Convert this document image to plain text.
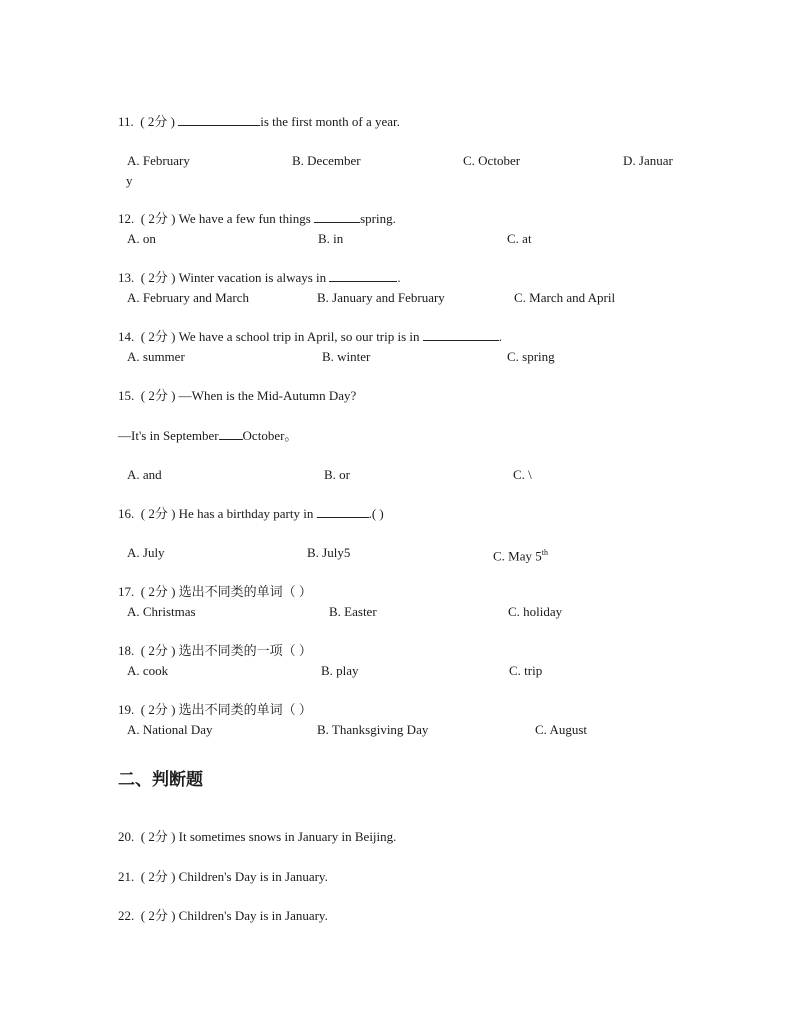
11. ( 2分 )	is the first month of a year.
A. February	B. December	C. October	D. Januar
y
12. ( 2分 ) We have a few fun things	spring.
A. on	B. in	C. at
13. ( 2分 ) Winter vacation is always in	.
A. February and March	B. January and February	C. March and April
14. ( 2分 ) We have a school trip in April, so our trip is in	.
A. summer	B. winter	C. spring
15. ( 2分 ) —When is the Mid-Autumn Day?
—It's in September October。
A. and	B. or	C. \
16. ( 2分 ) He has a birthday party in	.( )
A. July	B. July5	C. May 5th
17. ( 2分 ) 选出不同类的单词（ ）
A. Christmas	B. Easter	C. holiday
18. ( 2分 ) 选出不同类的一项（ ）
A. cook	B. play	C. trip
19. ( 2分 ) 选出不同类的单词（ ）
A. National Day	B. Thanksgiving Day	C. August
二、判断题
20. ( 2分 ) It sometimes snows in January in Beijing.
21. ( 2分 ) Children's Day is in January.
22. ( 2分 ) Children's Day is in January.
